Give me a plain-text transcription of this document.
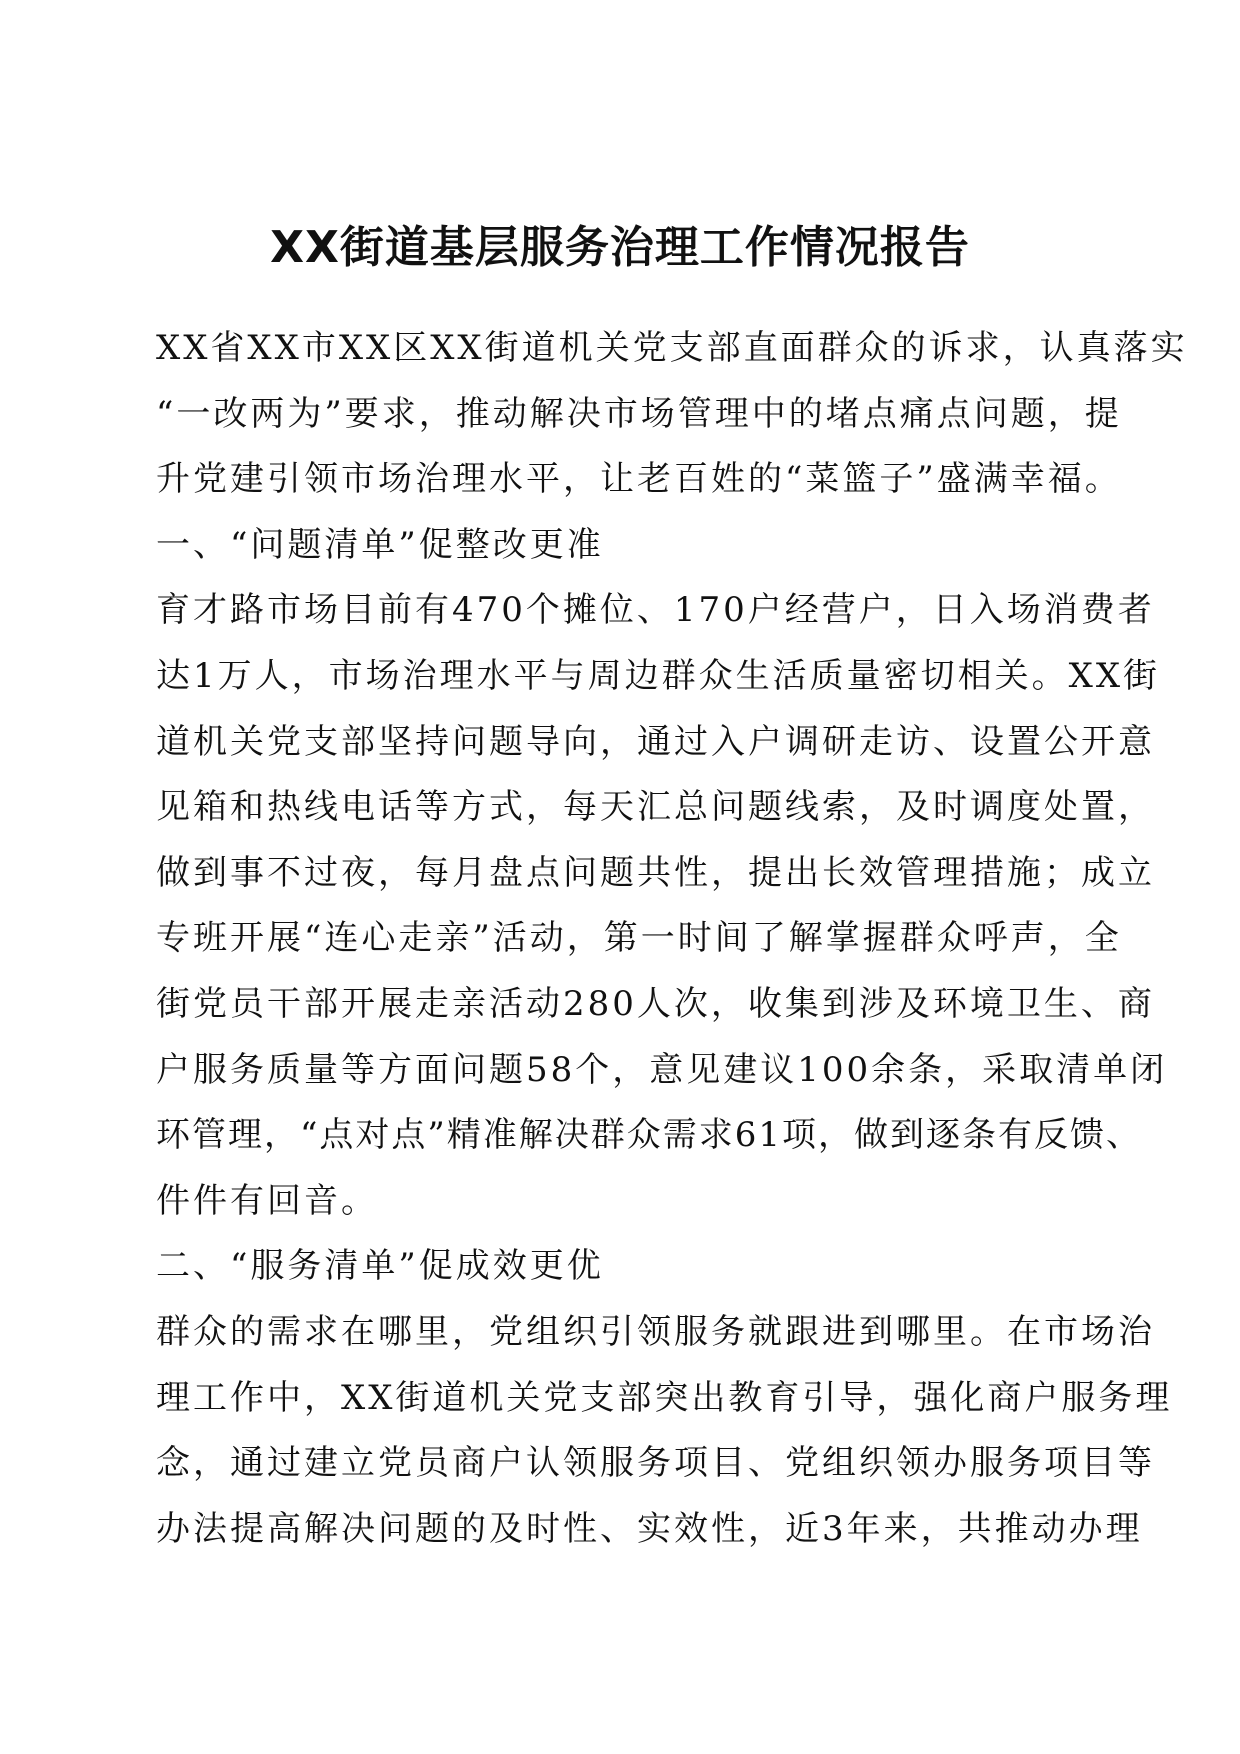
XX街道基层服务治理工作情况报告
XX省XX市XX区XX街道机关党支部直面群众的诉求，认真落实
“一改两为”要求，推动解决市场管理中的堵点痛点问题，提
升党建引领市场治理水平，让老百姓的“菜篮子”盛满幸福。
一、“问题清单”促整改更准
育才路市场目前有470个摊位、170户经营户，日入场消费者
达1万人，市场治理水平与周边群众生活质量密切相关。XX街
道机关党支部坚持问题导向，通过入户调研走访、设置公开意
见箱和热线电话等方式，每天汇总问题线索，及时调度处置，
做到事不过夜，每月盘点问题共性，提出长效管理措施；成立
专班开展“连心走亲”活动，第一时间了解掌握群众呼声，全
街党员干部开展走亲活动280人次，收集到涉及环境卫生、商
户服务质量等方面问题58个，意见建议100余条，采取清单闭
环管理，“点对点”精准解决群众需求61项，做到逐条有反馈、
件件有回音。
二、“服务清单”促成效更优
群众的需求在哪里，党组织引领服务就跟进到哪里。在市场治
理工作中，XX街道机关党支部突出教育引导，强化商户服务理
念，通过建立党员商户认领服务项目、党组织领办服务项目等
办法提高解决问题的及时性、实效性，近3年来，共推动办理
